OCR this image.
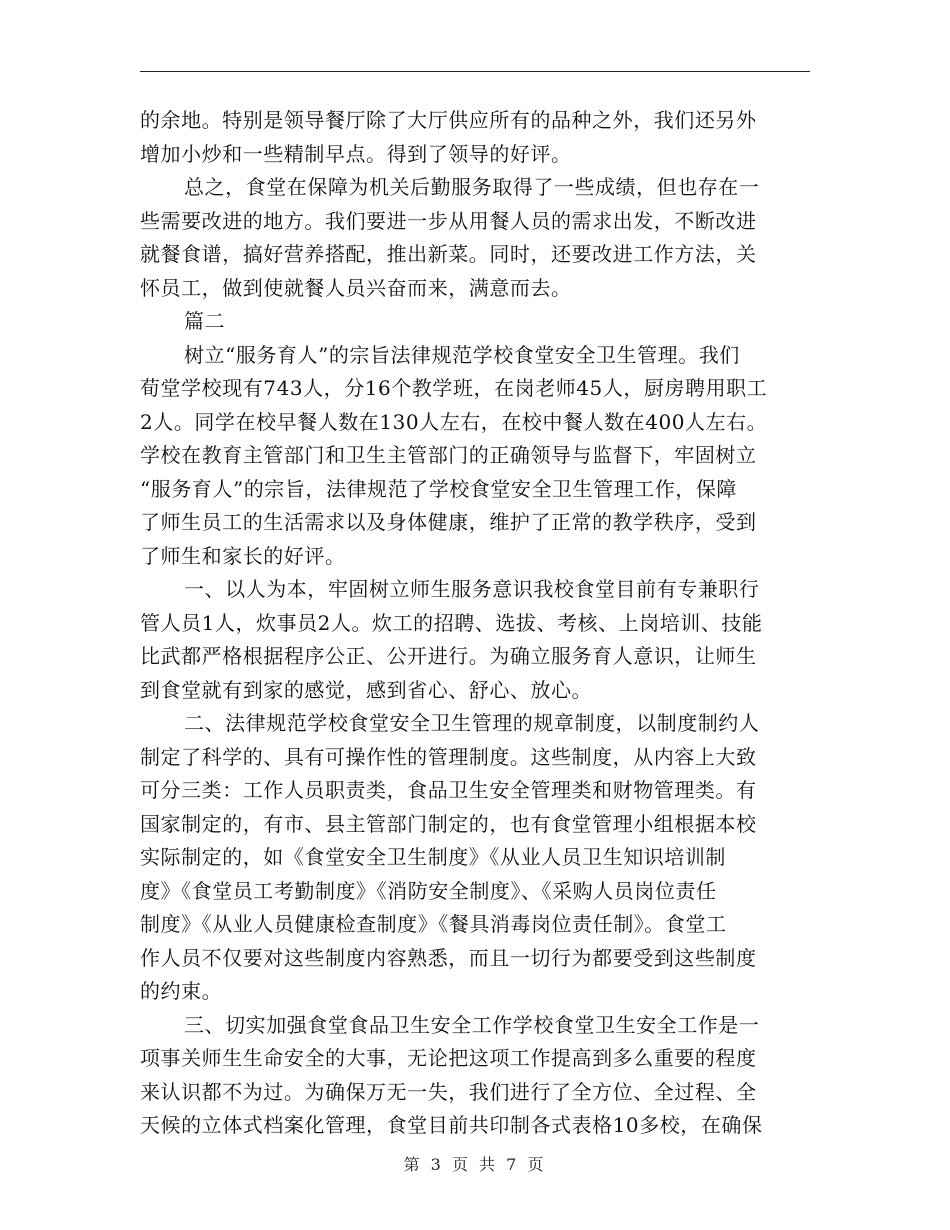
的余地。特别是领导餐厅除了大厅供应所有的品种之外，我们还另外
增加小炒和一些精制早点。得到了领导的好评。
总之，食堂在保障为机关后勤服务取得了一些成绩，但也存在一
些需要改进的地方。我们要进一步从用餐人员的需求出发，不断改进
就餐食谱，搞好营养搭配，推出新菜。同时，还要改进工作方法，关
怀员工，做到使就餐人员兴奋而来，满意而去。
篇二
树立“服务育人”的宗旨法律规范学校食堂安全卫生管理。我们
荀堂学校现有743人，分16个教学班，在岗老师45人，厨房聘用职工
2人。同学在校早餐人数在130人左右，在校中餐人数在400人左右。
学校在教育主管部门和卫生主管部门的正确领导与监督下，牢固树立
“服务育人”的宗旨，法律规范了学校食堂安全卫生管理工作，保障
了师生员工的生活需求以及身体健康，维护了正常的教学秩序，受到
了师生和家长的好评。
一、以人为本，牢固树立师生服务意识我校食堂目前有专兼职行
管人员1人，炊事员2人。炊工的招聘、选拔、考核、上岗培训、技能
比武都严格根据程序公正、公开进行。为确立服务育人意识，让师生
到食堂就有到家的感觉，感到省心、舒心、放心。
二、法律规范学校食堂安全卫生管理的规章制度，以制度制约人
制定了科学的、具有可操作性的管理制度。这些制度，从内容上大致
可分三类：工作人员职责类，食品卫生安全管理类和财物管理类。有
国家制定的，有市、县主管部门制定的，也有食堂管理小组根据本校
实际制定的，如《食堂安全卫生制度》《从业人员卫生知识培训制
度》《食堂员工考勤制度》《消防安全制度》、《采购人员岗位责任
制度》《从业人员健康检查制度》《餐具消毒岗位责任制》。食堂工
作人员不仅要对这些制度内容熟悉，而且一切行为都要受到这些制度
的约束。
三、切实加强食堂食品卫生安全工作学校食堂卫生安全工作是一
项事关师生生命安全的大事，无论把这项工作提高到多么重要的程度
来认识都不为过。为确保万无一失，我们进行了全方位、全过程、全
天候的立体式档案化管理，食堂目前共印制各式表格10多校，在确保
第 3 页 共 7 页
